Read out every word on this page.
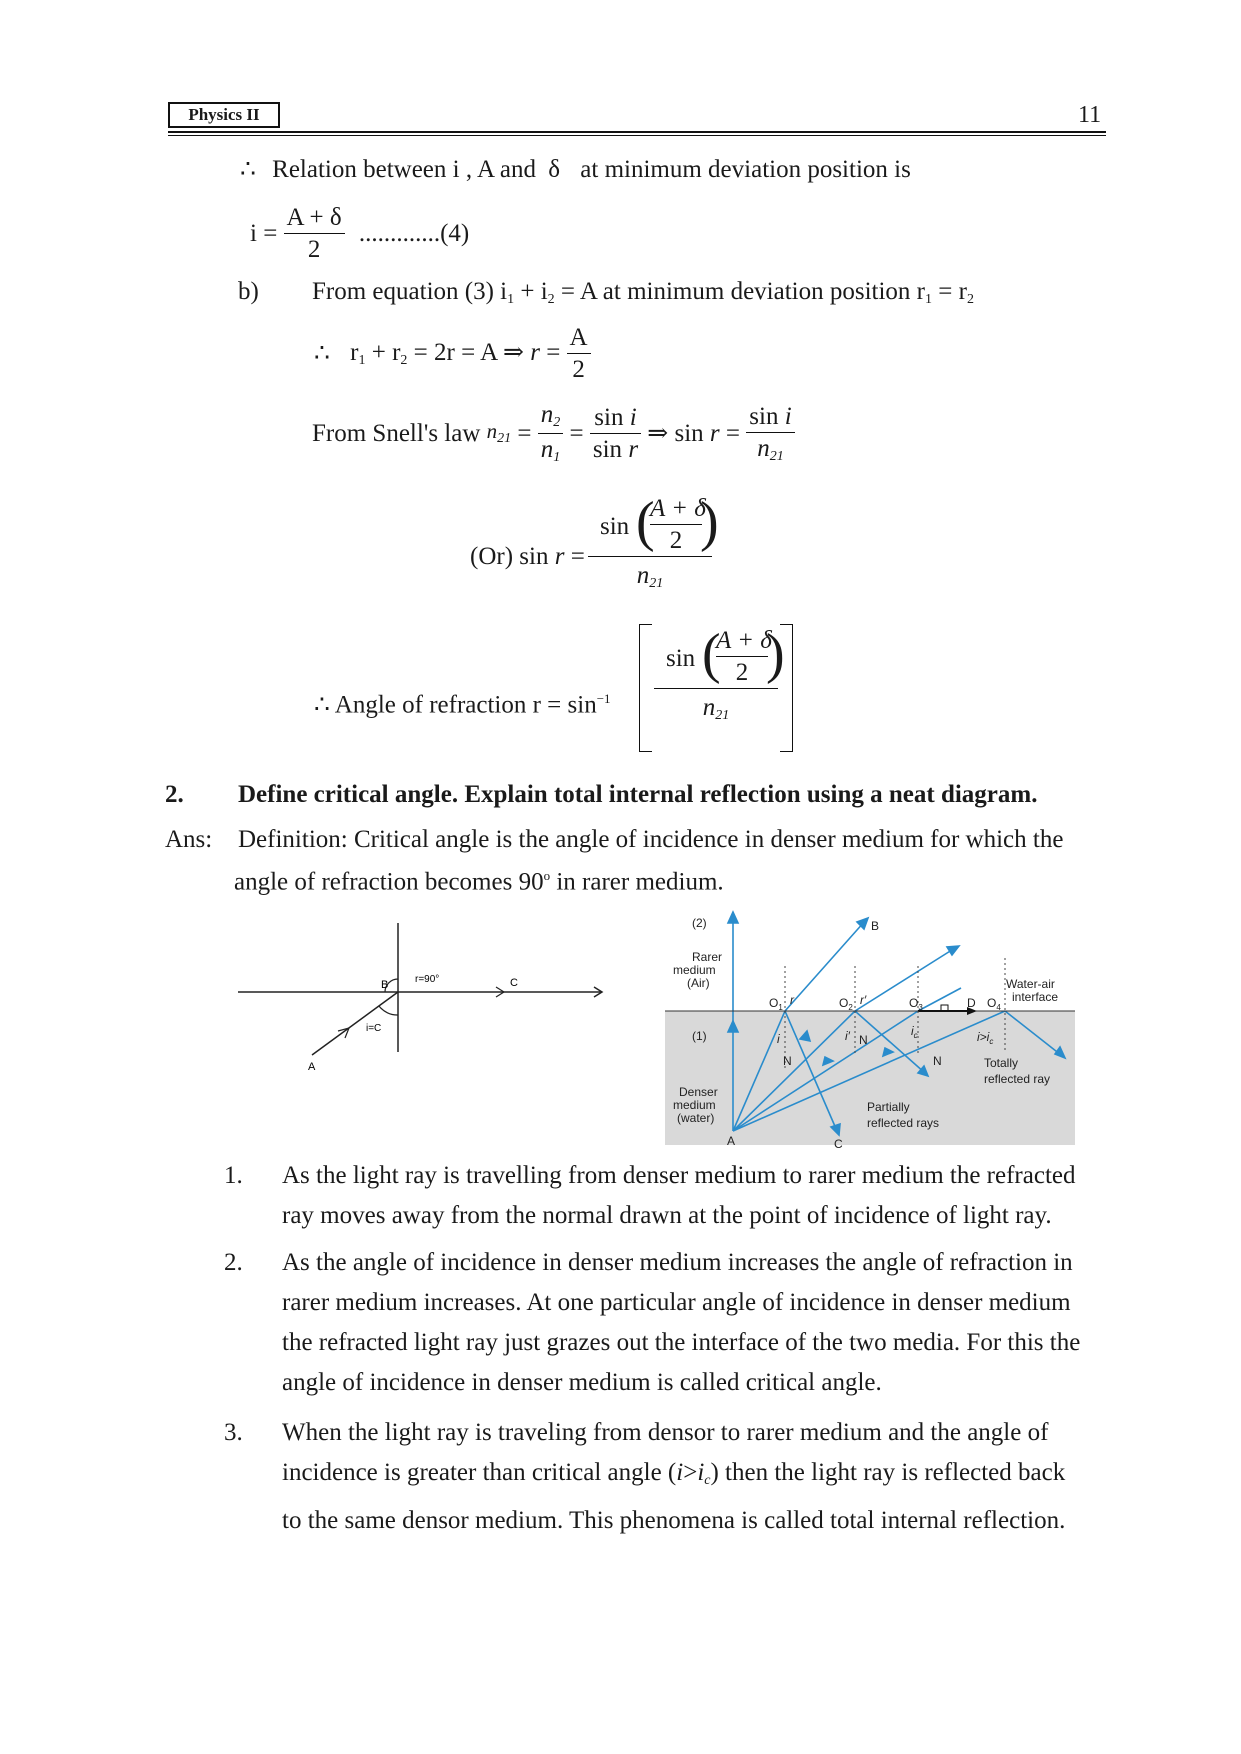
Physics II	11
∴ Relation between i , A and δ at minimum deviation position is
$i = \frac{A + \delta}{2} .............(4)$
b) From equation (3) $i_1 + i_2 = A$ at minimum deviation position $r_1 = r_2$
∴ $r_1 + r_2 = 2r = A$ ⇒ $r = \frac{A}{2}$
From Snell's law $n_{21} = \frac{n_2}{n_1} = \frac{\text{sin i}}{\text{sin r}}$ ⇒ $\sin r = \frac{\text{sin i}}{n_{21}}$
(Or) sin r =
sin (
A + δ
2 )
$n_{21}$
∴ Angle of refraction $r = \sin^{-1}$
sin (
A + δ
2 )
$n_{21}$
2. Define critical angle. Explain total internal reflection using a neat diagram.
Ans: Definition: Critical angle is the angle of incidence in denser medium for which the
angle of refraction becomes 90$^o$ in rarer medium.
B	r=90°	C
i=C
A
(2)
Rarer
medium
(Air)
(1)
Denser
medium
(water)
B
A	C
D
$O_1$	$O_2$	$O_3$	$O_4$
r	r′
i	i′	$i_c$
N
N
N
$i>i_c$
Water-air
interface
Totally
reflected ray
Partially
reflected rays
1. As the light ray is travelling from denser medium to rarer medium the refracted
ray moves away from the normal drawn at the point of incidence of light ray.
2. As the angle of incidence in denser medium increases the angle of refraction in
rarer medium increases. At one particular angle of incidence in denser medium
the refracted light ray just grazes out the interface of the two media. For this the
angle of incidence in denser medium is called critical angle.
3. When the light ray is traveling from densor to rarer medium and the angle of
incidence is greater than critical angle $(i>i_c)$ then the light ray is reflected back
to the same densor medium. This phenomena is called total internal reflection.
